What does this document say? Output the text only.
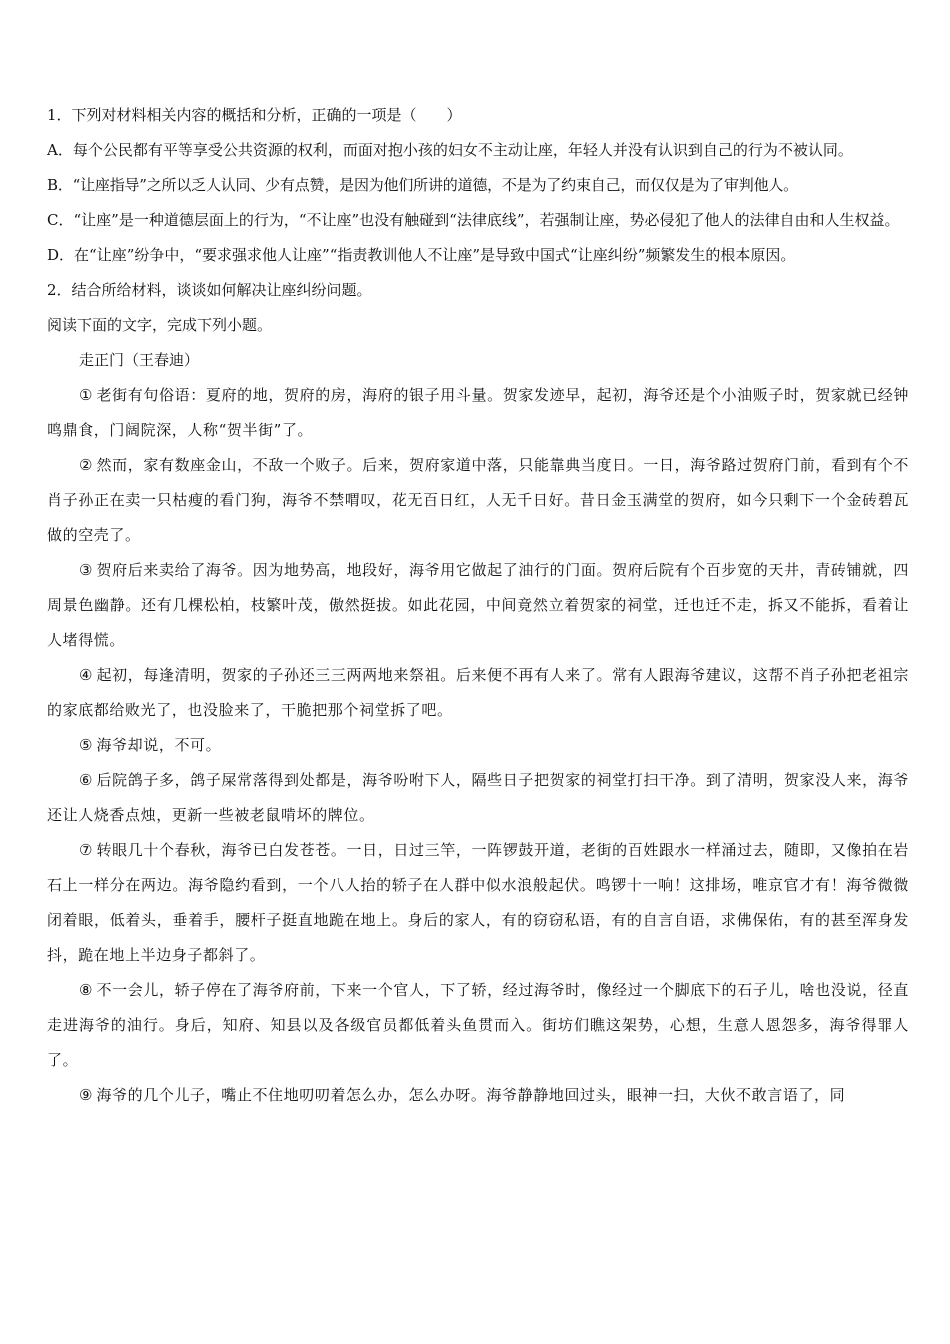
1．下列对材料相关内容的概括和分析，正确的一项是（　　）

A．每个公民都有平等享受公共资源的权利，而面对抱小孩的妇女不主动让座，年轻人并没有认识到自己的行为不被认同。

B．“让座指导”之所以乏人认同、少有点赞，是因为他们所讲的道德，不是为了约束自己，而仅仅是为了审判他人。

C．“让座”是一种道德层面上的行为，“不让座”也没有触碰到“法律底线”，若强制让座，势必侵犯了他人的法律自由和人生权益。

D．在“让座”纷争中，“要求强求他人让座”“指责教训他人不让座”是导致中国式“让座纠纷”频繁发生的根本原因。

2．结合所给材料，谈谈如何解决让座纠纷问题。

阅读下面的文字，完成下列小题。

走正门（王春迪）

① 老街有句俗语：夏府的地，贺府的房，海府的银子用斗量。贺家发迹早，起初，海爷还是个小油贩子时，贺家就已经钟鸣鼎食，门阔院深，人称“贺半街”了。

② 然而，家有数座金山，不敌一个败子。后来，贺府家道中落，只能靠典当度日。一日，海爷路过贺府门前，看到有个不肖子孙正在卖一只枯瘦的看门狗，海爷不禁喟叹，花无百日红，人无千日好。昔日金玉满堂的贺府，如今只剩下一个金砖碧瓦做的空壳了。

③ 贺府后来卖给了海爷。因为地势高，地段好，海爷用它做起了油行的门面。贺府后院有个百步宽的天井，青砖铺就，四周景色幽静。还有几棵松柏，枝繁叶茂，傲然挺拔。如此花园，中间竟然立着贺家的祠堂，迁也迁不走，拆又不能拆，看着让人堵得慌。

④ 起初，每逢清明，贺家的子孙还三三两两地来祭祖。后来便不再有人来了。常有人跟海爷建议，这帮不肖子孙把老祖宗的家底都给败光了，也没脸来了，干脆把那个祠堂拆了吧。

⑤ 海爷却说，不可。

⑥ 后院鸽子多，鸽子屎常落得到处都是，海爷吩咐下人，隔些日子把贺家的祠堂打扫干净。到了清明，贺家没人来，海爷还让人烧香点烛，更新一些被老鼠啃坏的牌位。

⑦ 转眼几十个春秋，海爷已白发苍苍。一日，日过三竿，一阵锣鼓开道，老街的百姓跟水一样涌过去，随即，又像拍在岩石上一样分在两边。海爷隐约看到，一个八人抬的轿子在人群中似水浪般起伏。鸣锣十一响！这排场，唯京官才有！海爷微微闭着眼，低着头，垂着手，腰杆子挺直地跪在地上。身后的家人，有的窃窃私语，有的自言自语，求佛保佑，有的甚至浑身发抖，跪在地上半边身子都斜了。

⑧ 不一会儿，轿子停在了海爷府前，下来一个官人，下了轿，经过海爷时，像经过一个脚底下的石子儿，啥也没说，径直走进海爷的油行。身后，知府、知县以及各级官员都低着头鱼贯而入。街坊们瞧这架势，心想，生意人恩怨多，海爷得罪人了。

⑨ 海爷的几个儿子，嘴止不住地叨叨着怎么办，怎么办呀。海爷静静地回过头，眼神一扫，大伙不敢言语了，同
